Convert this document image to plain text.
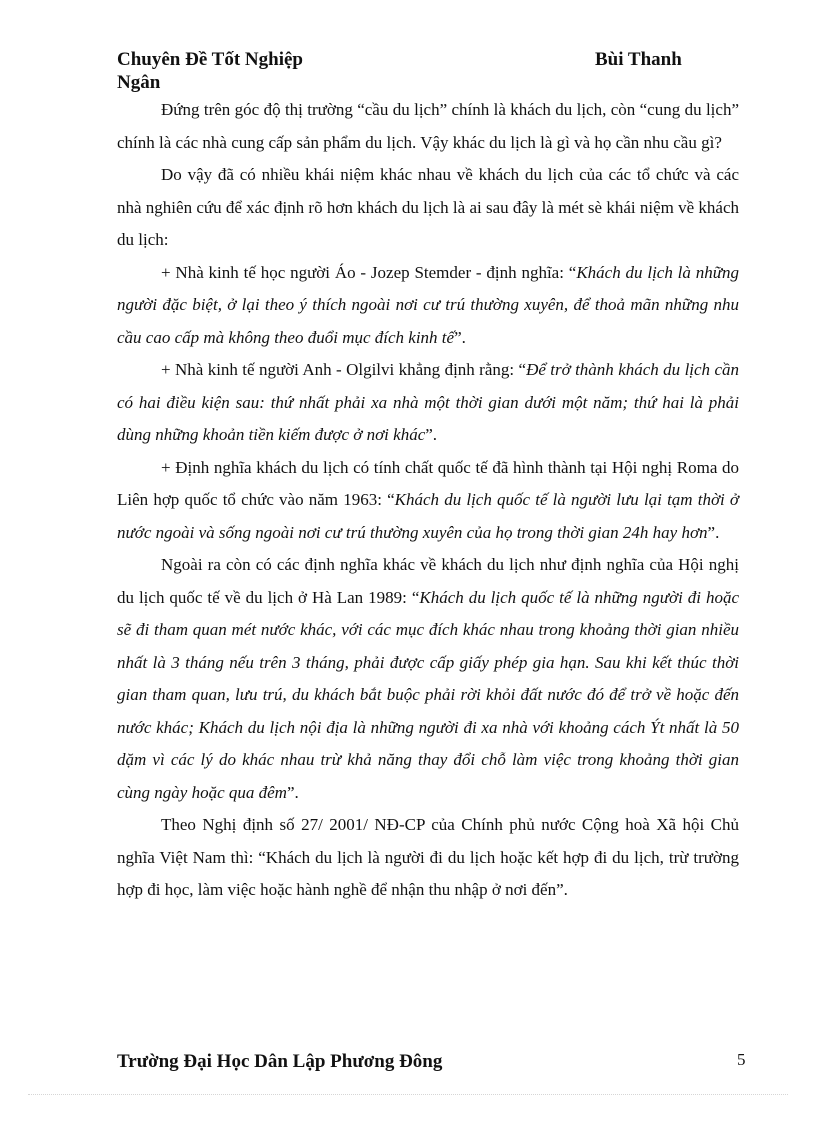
Chuyên Đề Tốt Nghiệp	Bùi Thanh
Ngân

Đứng trên góc độ thị trường “cầu du lịch” chính là khách du lịch, còn “cung du lịch” chính là các nhà cung cấp sản phẩm du lịch. Vậy khác du lịch là gì và họ cần nhu cầu gì?

Do vậy đã có nhiều khái niệm khác nhau về khách du lịch của các tổ chức và các nhà nghiên cứu để xác định rõ hơn khách du lịch là ai sau đây là mét sè khái niệm về khách du lịch:

+ Nhà kinh tế học người Áo - Jozep Stemder - định nghĩa: “Khách du lịch là những người đặc biệt, ở lại theo ý thích ngoài nơi cư trú thường xuyên, để thoả mãn những nhu cầu cao cấp mà không theo đuổi mục đích kinh tế”.

+ Nhà kinh tế người Anh - Olgilvi khẳng định rằng: “Để trở thành khách du lịch cần có hai điều kiện sau: thứ nhất phải xa nhà một thời gian dưới một năm; thứ hai là phải dùng những khoản tiền kiếm được ở nơi khác”.

+ Định nghĩa khách du lịch có tính chất quốc tế đã hình thành tại Hội nghị Roma do Liên hợp quốc tổ chức vào năm 1963: “Khách du lịch quốc tế là người lưu lại tạm thời ở nước ngoài và sống ngoài nơi cư trú thường xuyên của họ trong thời gian 24h hay hơn”.

Ngoài ra còn có các định nghĩa khác về khách du lịch như định nghĩa của Hội nghị du lịch quốc tế về du lịch ở Hà Lan 1989: “Khách du lịch quốc tế là những người đi hoặc sẽ đi tham quan mét nước khác, với các mục đích khác nhau trong khoảng thời gian nhiều nhất là 3 tháng nếu trên 3 tháng, phải được cấp giấy phép gia hạn. Sau khi kết thúc thời gian tham quan, lưu trú, du khách bắt buộc phải rời khỏi đất nước đó để trở về hoặc đến nước khác; Khách du lịch nội địa là những người đi xa nhà với khoảng cách Ýt nhất là 50 dặm vì các lý do khác nhau trừ khả năng thay đổi chỗ làm việc trong khoảng thời gian cùng ngày hoặc qua đêm”.

Theo Nghị định số 27/ 2001/ NĐ-CP của Chính phủ nước Cộng hoà Xã hội Chủ nghĩa Việt Nam thì: “Khách du lịch là người đi du lịch hoặc kết hợp đi du lịch, trừ trường hợp đi học, làm việc hoặc hành nghề để nhận thu nhập ở nơi đến”.

Trường Đại Học Dân Lập Phương Đông	5
